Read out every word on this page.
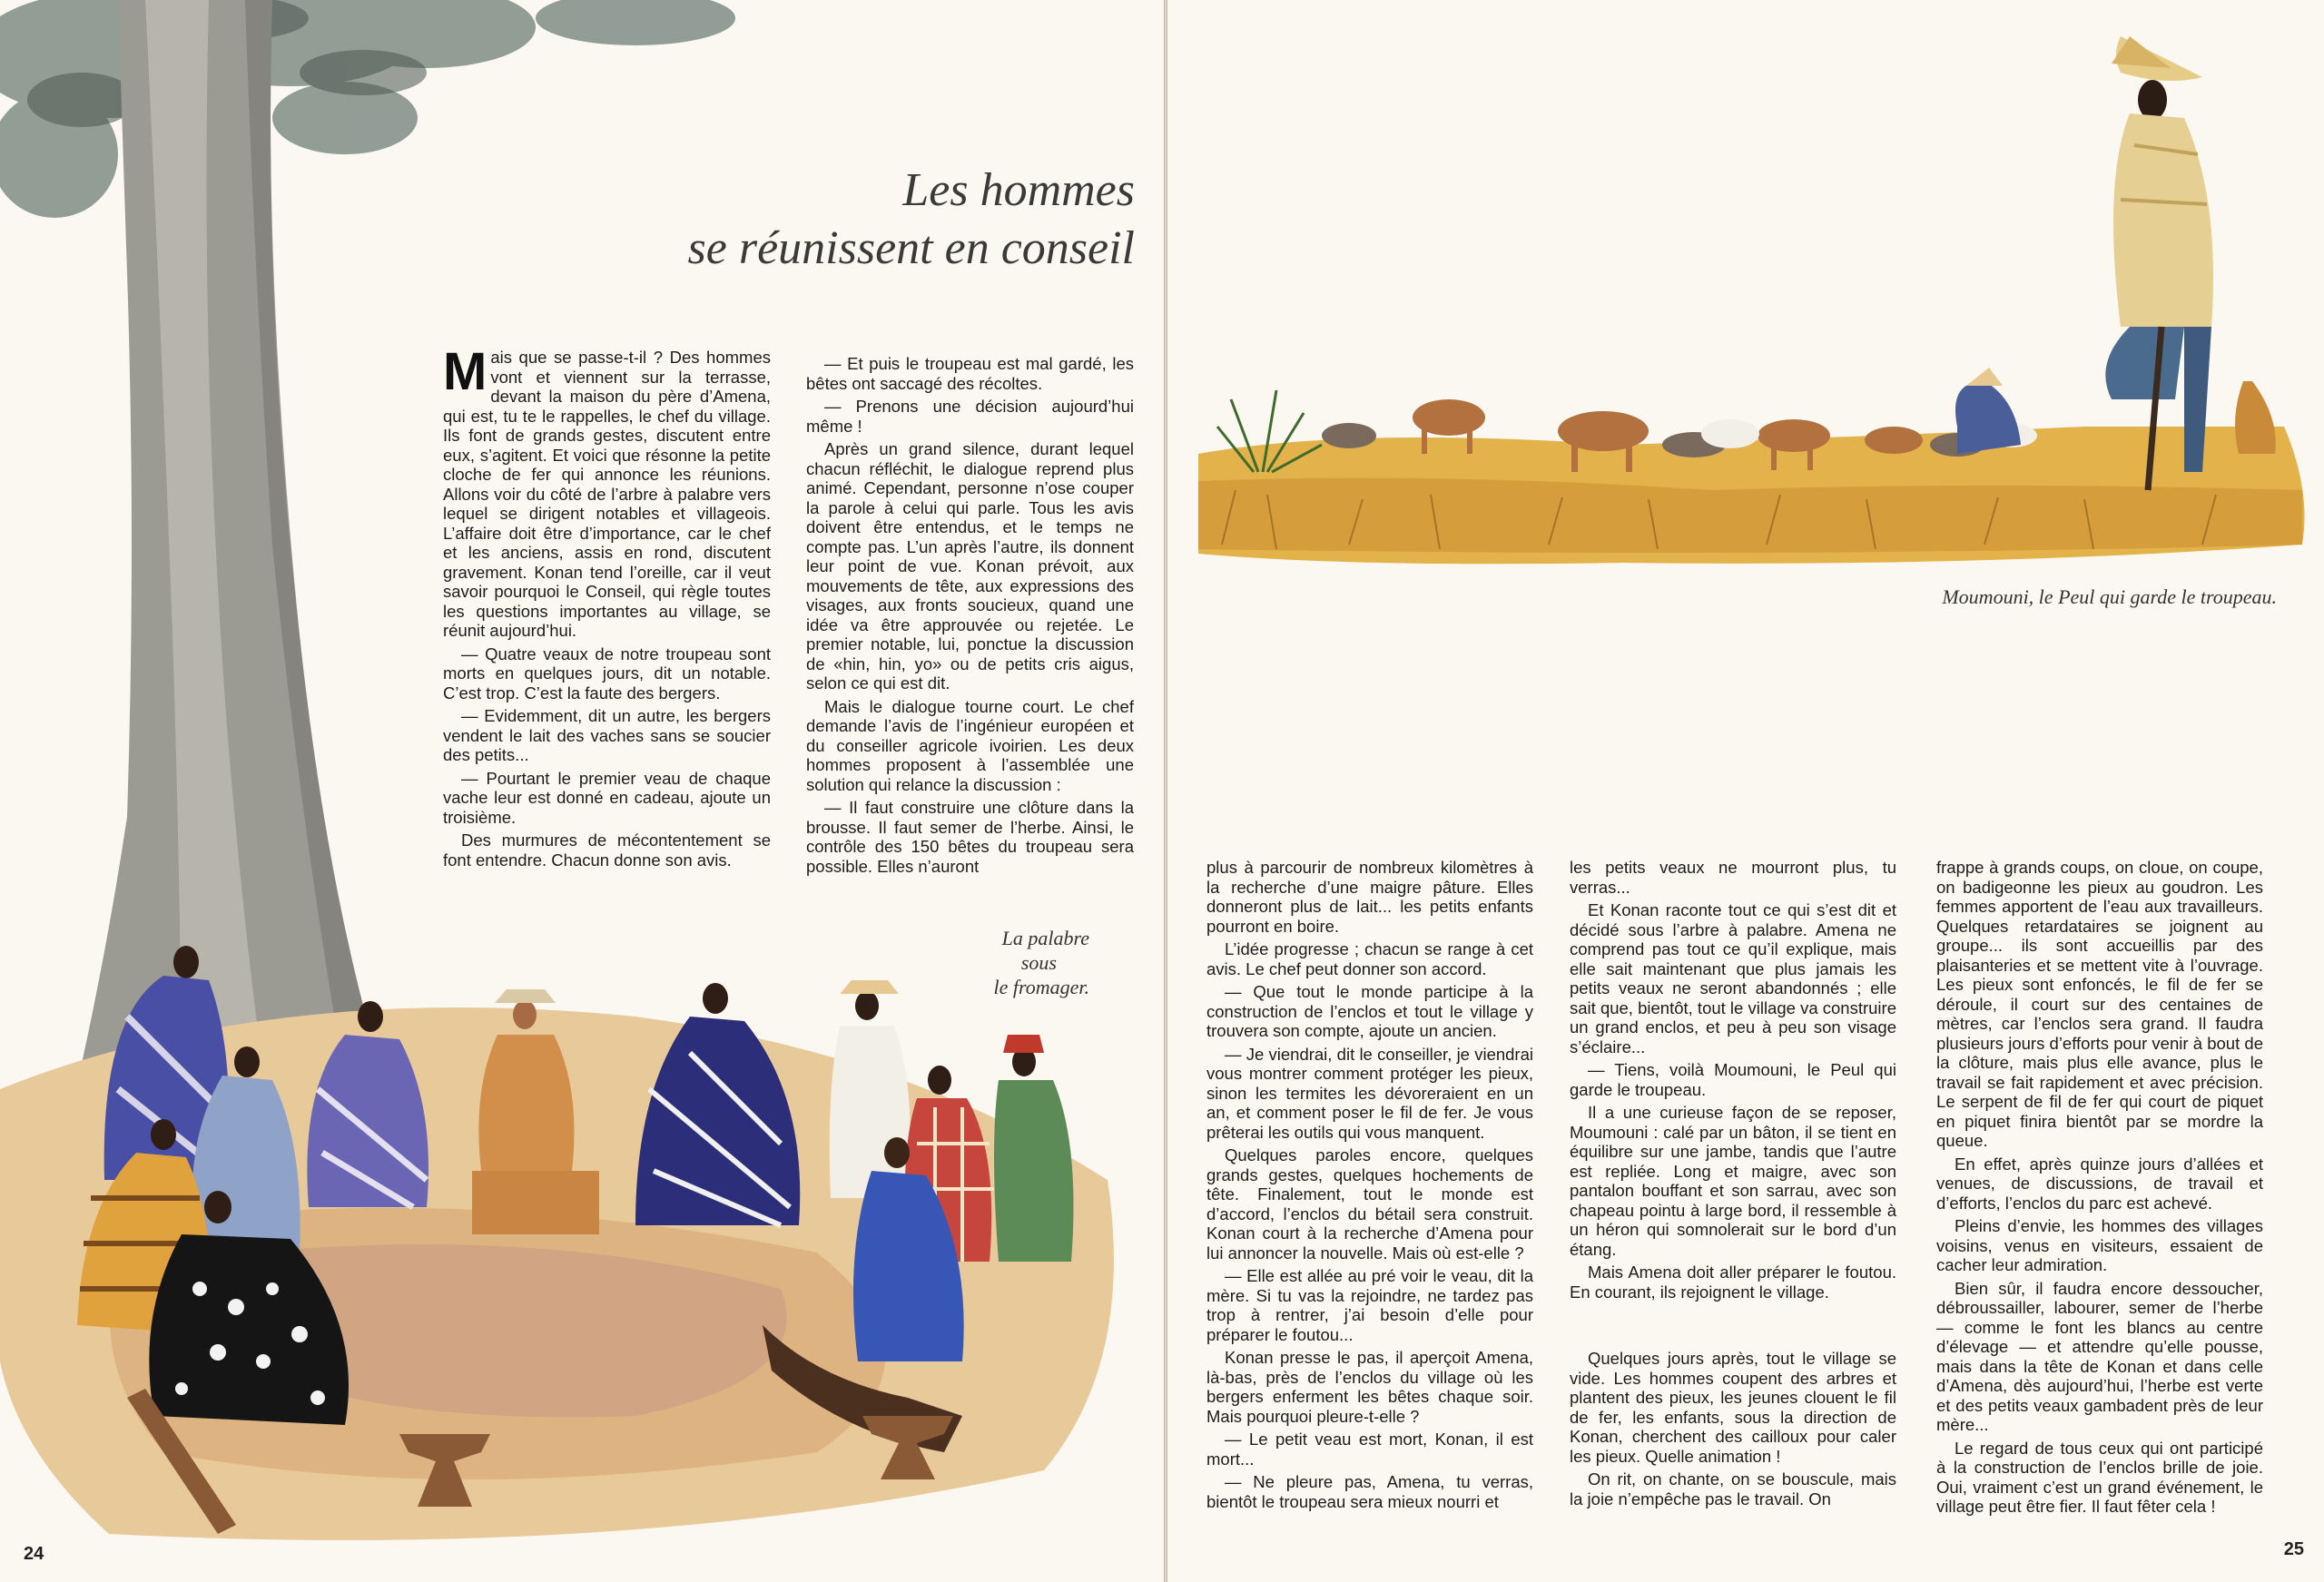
Les hommes
se réunissent en conseil

Mais que se passe-t-il ? Des hommes vont et viennent sur la terrasse, devant la maison du père d’Amena, qui est, tu te le rappelles, le chef du village. Ils font de grands gestes, discutent entre eux, s’agitent. Et voici que résonne la petite cloche de fer qui annonce les réunions. Allons voir du côté de l’arbre à palabre vers lequel se dirigent notables et villageois. L’affaire doit être d’importance, car le chef et les anciens, assis en rond, discutent gravement. Konan tend l’oreille, car il veut savoir pourquoi le Conseil, qui règle toutes les questions importantes au village, se réunit aujourd’hui.

— Quatre veaux de notre troupeau sont morts en quelques jours, dit un notable. C’est trop. C’est la faute des bergers.

— Evidemment, dit un autre, les bergers vendent le lait des vaches sans se soucier des petits...

— Pourtant le premier veau de chaque vache leur est donné en cadeau, ajoute un troisième.

Des murmures de mécontentement se font entendre. Chacun donne son avis.

— Et puis le troupeau est mal gardé, les bêtes ont saccagé des récoltes.

— Prenons une décision aujourd’hui même !

Après un grand silence, durant lequel chacun réfléchit, le dialogue reprend plus animé. Cependant, personne n’ose couper la parole à celui qui parle. Tous les avis doivent être entendus, et le temps ne compte pas. L’un après l’autre, ils donnent leur point de vue. Konan prévoit, aux mouvements de tête, aux expressions des visages, aux fronts soucieux, quand une idée va être approuvée ou rejetée. Le premier notable, lui, ponctue la discussion de «hin, hin, yo» ou de petits cris aigus, selon ce qui est dit.

Mais le dialogue tourne court. Le chef demande l’avis de l’ingénieur européen et du conseiller agricole ivoirien. Les deux hommes proposent à l’assemblée une solution qui relance la discussion :

— Il faut construire une clôture dans la brousse. Il faut semer de l’herbe. Ainsi, le contrôle des 150 bêtes du troupeau sera possible. Elles n’auront

La palabre
sous
le fromager.
24
Moumouni, le Peul qui garde le troupeau.

plus à parcourir de nombreux kilomètres à la recherche d’une maigre pâture. Elles donneront plus de lait... les petits enfants pourront en boire.

L’idée progresse ; chacun se range à cet avis. Le chef peut donner son accord.

— Que tout le monde participe à la construction de l’enclos et tout le village y trouvera son compte, ajoute un ancien.

— Je viendrai, dit le conseiller, je viendrai vous montrer comment protéger les pieux, sinon les termites les dévoreraient en un an, et comment poser le fil de fer. Je vous prêterai les outils qui vous manquent.

Quelques paroles encore, quelques grands gestes, quelques hochements de tête. Finalement, tout le monde est d’accord, l’enclos du bétail sera construit. Konan court à la recherche d’Amena pour lui annoncer la nouvelle. Mais où est-elle ?

— Elle est allée au pré voir le veau, dit la mère. Si tu vas la rejoindre, ne tardez pas trop à rentrer, j’ai besoin d’elle pour préparer le foutou...

Konan presse le pas, il aperçoit Amena, là-bas, près de l’enclos du village où les bergers enferment les bêtes chaque soir. Mais pourquoi pleure-t-elle ?

— Le petit veau est mort, Konan, il est mort...

— Ne pleure pas, Amena, tu verras, bientôt le troupeau sera mieux nourri et

les petits veaux ne mourront plus, tu verras...

Et Konan raconte tout ce qui s’est dit et décidé sous l’arbre à palabre. Amena ne comprend pas tout ce qu’il explique, mais elle sait maintenant que plus jamais les petits veaux ne seront abandonnés ; elle sait que, bientôt, tout le village va construire un grand enclos, et peu à peu son visage s’éclaire...

— Tiens, voilà Moumouni, le Peul qui garde le troupeau.

Il a une curieuse façon de se reposer, Moumouni : calé par un bâton, il se tient en équilibre sur une jambe, tandis que l’autre est repliée. Long et maigre, avec son pantalon bouffant et son sarrau, avec son chapeau pointu à large bord, il ressemble à un héron qui somnolerait sur le bord d’un étang.

Mais Amena doit aller préparer le foutou. En courant, ils rejoignent le village.

Quelques jours après, tout le village se vide. Les hommes coupent des arbres et plantent des pieux, les jeunes clouent le fil de fer, les enfants, sous la direction de Konan, cherchent des cailloux pour caler les pieux. Quelle animation !

On rit, on chante, on se bouscule, mais la joie n’empêche pas le travail. On

frappe à grands coups, on cloue, on coupe, on badigeonne les pieux au goudron. Les femmes apportent de l’eau aux travailleurs. Quelques retardataires se joignent au groupe... ils sont accueillis par des plaisanteries et se mettent vite à l’ouvrage. Les pieux sont enfoncés, le fil de fer se déroule, il court sur des centaines de mètres, car l’enclos sera grand. Il faudra plusieurs jours d’efforts pour venir à bout de la clôture, mais plus elle avance, plus le travail se fait rapidement et avec précision. Le serpent de fil de fer qui court de piquet en piquet finira bientôt par se mordre la queue.

En effet, après quinze jours d’allées et venues, de discussions, de travail et d’efforts, l’enclos du parc est achevé.

Pleins d’envie, les hommes des villages voisins, venus en visiteurs, essaient de cacher leur admiration.

Bien sûr, il faudra encore dessoucher, débroussailler, labourer, semer de l’herbe — comme le font les blancs au centre d’élevage — et attendre qu’elle pousse, mais dans la tête de Konan et dans celle d’Amena, dès aujourd’hui, l’herbe est verte et des petits veaux gambadent près de leur mère...

Le regard de tous ceux qui ont participé à la construction de l’enclos brille de joie. Oui, vraiment c’est un grand événement, le village peut être fier. Il faut fêter cela !

25
